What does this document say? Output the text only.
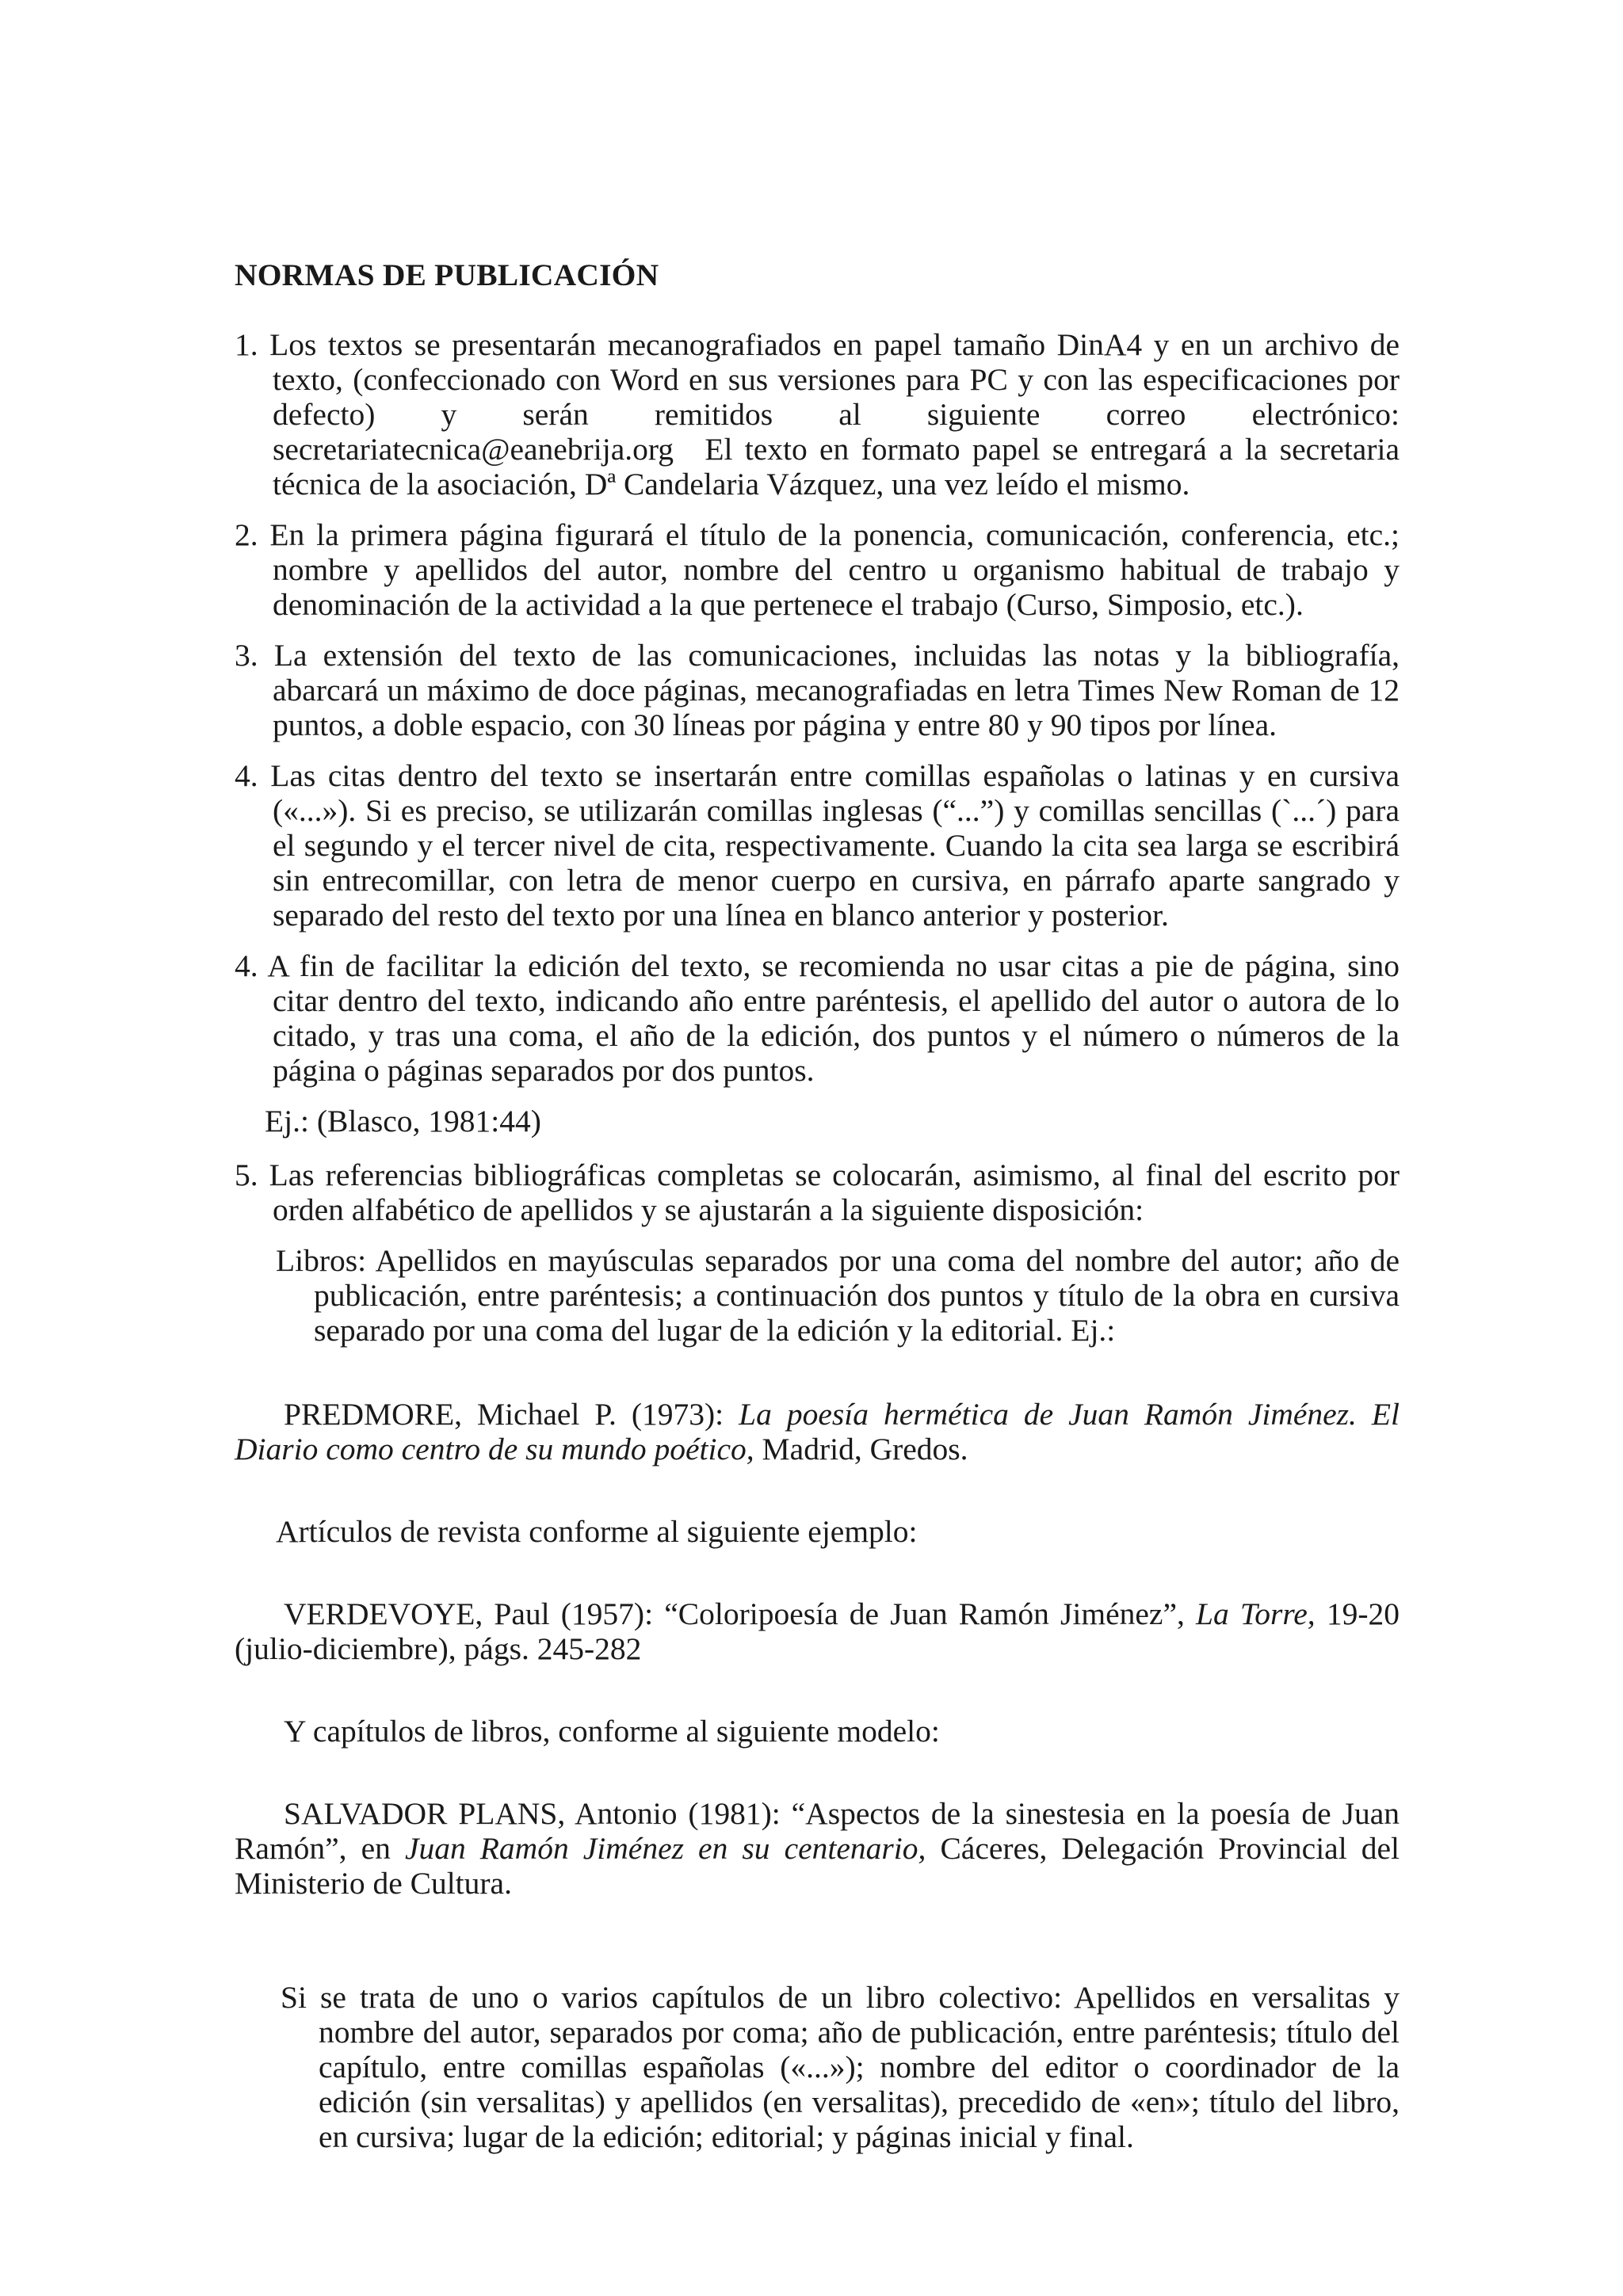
NORMAS DE PUBLICACIÓN
1. Los textos se presentarán mecanografiados en papel tamaño DinA4 y en un archivo de texto, (confeccionado con Word en sus versiones para PC y con las especificaciones por defecto) y serán remitidos al siguiente correo electrónico: secretariatecnica@eanebrija.org El texto en formato papel se entregará a la secretaria técnica de la asociación, Dª Candelaria Vázquez, una vez leído el mismo.
2. En la primera página figurará el título de la ponencia, comunicación, conferencia, etc.; nombre y apellidos del autor, nombre del centro u organismo habitual de trabajo y denominación de la actividad a la que pertenece el trabajo (Curso, Simposio, etc.).
3. La extensión del texto de las comunicaciones, incluidas las notas y la bibliografía, abarcará un máximo de doce páginas, mecanografiadas en letra Times New Roman de 12 puntos, a doble espacio, con 30 líneas por página y entre 80 y 90 tipos por línea.
4. Las citas dentro del texto se insertarán entre comillas españolas o latinas y en cursiva («...»). Si es preciso, se utilizarán comillas inglesas (“...”) y comillas sencillas (`...´) para el segundo y el tercer nivel de cita, respectivamente. Cuando la cita sea larga se escribirá sin entrecomillar, con letra de menor cuerpo en cursiva, en párrafo aparte sangrado y separado del resto del texto por una línea en blanco anterior y posterior.
4. A fin de facilitar la edición del texto, se recomienda no usar citas a pie de página, sino citar dentro del texto, indicando año entre paréntesis, el apellido del autor o autora de lo citado, y tras una coma, el año de la edición, dos puntos y el número o números de la página o páginas separados por dos puntos.
Ej.: (Blasco, 1981:44)
5. Las referencias bibliográficas completas se colocarán, asimismo, al final del escrito por orden alfabético de apellidos y se ajustarán a la siguiente disposición:
Libros: Apellidos en mayúsculas separados por una coma del nombre del autor; año de publicación, entre paréntesis; a continuación dos puntos y título de la obra en cursiva separado por una coma del lugar de la edición y la editorial. Ej.:
PREDMORE, Michael P. (1973): La poesía hermética de Juan Ramón Jiménez. El Diario como centro de su mundo poético, Madrid, Gredos.
Artículos de revista conforme al siguiente ejemplo:
VERDEVOYE, Paul (1957): “Coloripoesía de Juan Ramón Jiménez”, La Torre, 19-20 (julio-diciembre), págs. 245-282
Y capítulos de libros, conforme al siguiente modelo:
SALVADOR PLANS, Antonio (1981): “Aspectos de la sinestesia en la poesía de Juan Ramón”, en Juan Ramón Jiménez en su centenario, Cáceres, Delegación Provincial del Ministerio de Cultura.
Si se trata de uno o varios capítulos de un libro colectivo: Apellidos en versalitas y nombre del autor, separados por coma; año de publicación, entre paréntesis; título del capítulo, entre comillas españolas («...»); nombre del editor o coordinador de la edición (sin versalitas) y apellidos (en versalitas), precedido de «en»; título del libro, en cursiva; lugar de la edición; editorial; y páginas inicial y final.
